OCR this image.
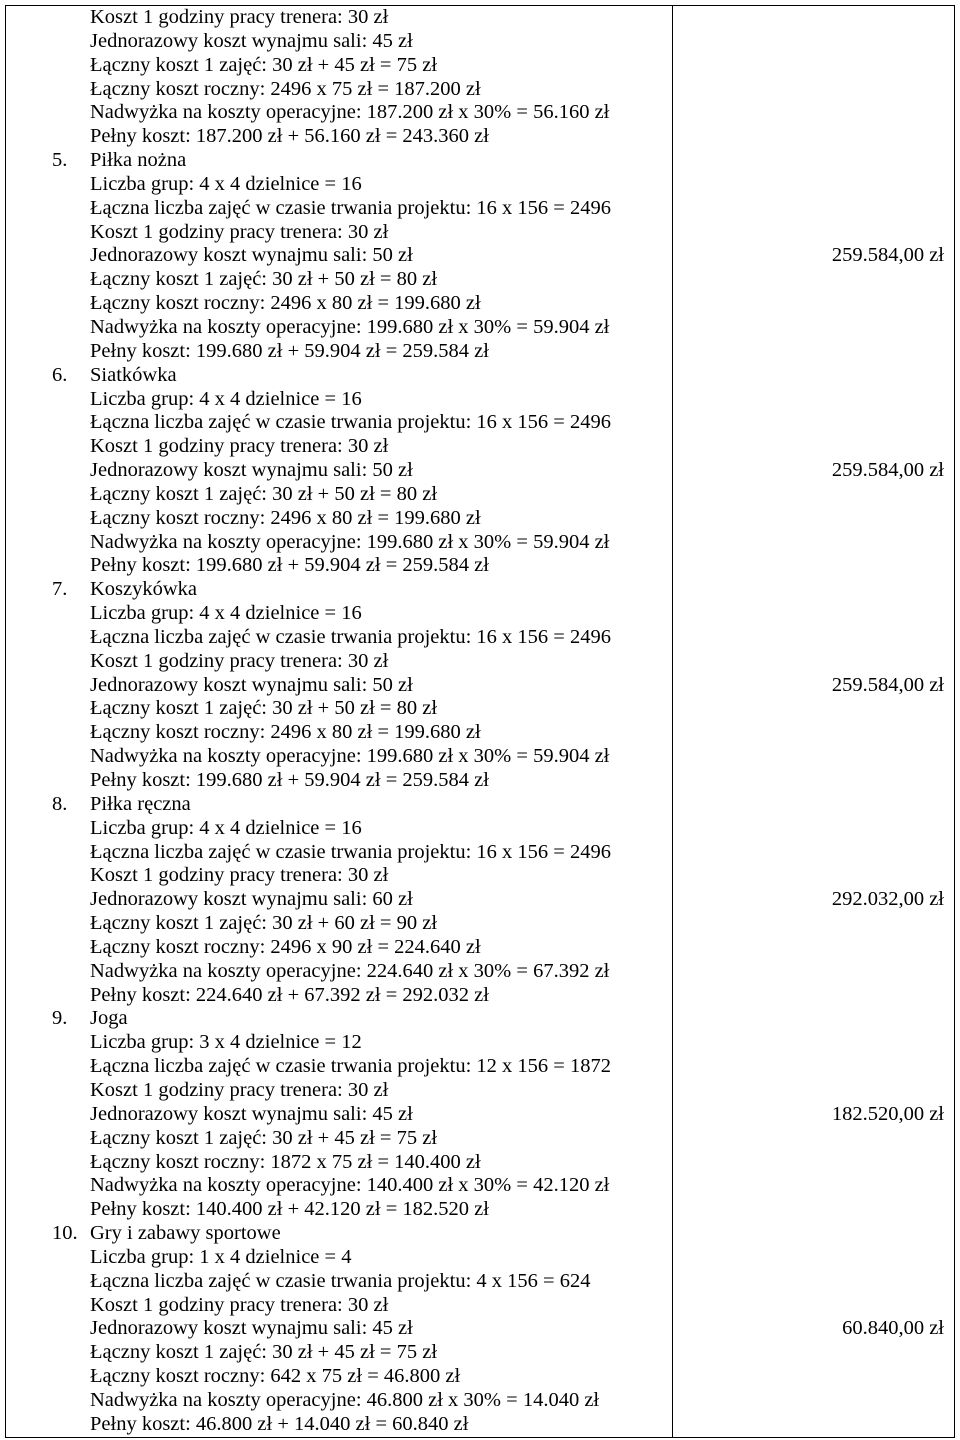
Koszt 1 godziny pracy trenera: 30 zł
Jednorazowy koszt wynajmu sali: 45 zł
Łączny koszt 1 zajęć: 30 zł + 45 zł = 75 zł
Łączny koszt roczny: 2496 x 75 zł = 187.200 zł
Nadwyżka na koszty operacyjne: 187.200 zł x 30% = 56.160 zł
Pełny koszt: 187.200 zł + 56.160 zł = 243.360 zł
5. Piłka nożna
Liczba grup: 4 x 4 dzielnice = 16
Łączna liczba zajęć w czasie trwania projektu: 16 x 156 = 2496
Koszt 1 godziny pracy trenera: 30 zł
Jednorazowy koszt wynajmu sali: 50 zł
Łączny koszt 1 zajęć: 30 zł + 50 zł = 80 zł
Łączny koszt roczny: 2496 x 80 zł = 199.680 zł
Nadwyżka na koszty operacyjne: 199.680 zł x 30% = 59.904 zł
Pełny koszt: 199.680 zł + 59.904 zł = 259.584 zł
259.584,00 zł
6. Siatkówka
Liczba grup: 4 x 4 dzielnice = 16
Łączna liczba zajęć w czasie trwania projektu: 16 x 156 = 2496
Koszt 1 godziny pracy trenera: 30 zł
Jednorazowy koszt wynajmu sali: 50 zł
Łączny koszt 1 zajęć: 30 zł + 50 zł = 80 zł
Łączny koszt roczny: 2496 x 80 zł = 199.680 zł
Nadwyżka na koszty operacyjne: 199.680 zł x 30% = 59.904 zł
Pełny koszt: 199.680 zł + 59.904 zł = 259.584 zł
259.584,00 zł
7. Koszykówka
Liczba grup: 4 x 4 dzielnice = 16
Łączna liczba zajęć w czasie trwania projektu: 16 x 156 = 2496
Koszt 1 godziny pracy trenera: 30 zł
Jednorazowy koszt wynajmu sali: 50 zł
Łączny koszt 1 zajęć: 30 zł + 50 zł = 80 zł
Łączny koszt roczny: 2496 x 80 zł = 199.680 zł
Nadwyżka na koszty operacyjne: 199.680 zł x 30% = 59.904 zł
Pełny koszt: 199.680 zł + 59.904 zł = 259.584 zł
259.584,00 zł
8. Piłka ręczna
Liczba grup: 4 x 4 dzielnice = 16
Łączna liczba zajęć w czasie trwania projektu: 16 x 156 = 2496
Koszt 1 godziny pracy trenera: 30 zł
Jednorazowy koszt wynajmu sali: 60 zł
Łączny koszt 1 zajęć: 30 zł + 60 zł = 90 zł
Łączny koszt roczny: 2496 x 90 zł = 224.640 zł
Nadwyżka na koszty operacyjne: 224.640 zł x 30% = 67.392 zł
Pełny koszt: 224.640 zł + 67.392 zł = 292.032 zł
292.032,00 zł
9. Joga
Liczba grup: 3 x 4 dzielnice = 12
Łączna liczba zajęć w czasie trwania projektu: 12 x 156 = 1872
Koszt 1 godziny pracy trenera: 30 zł
Jednorazowy koszt wynajmu sali: 45 zł
Łączny koszt 1 zajęć: 30 zł + 45 zł = 75 zł
Łączny koszt roczny: 1872 x 75 zł = 140.400 zł
Nadwyżka na koszty operacyjne: 140.400 zł x 30% = 42.120 zł
Pełny koszt: 140.400 zł + 42.120 zł = 182.520 zł
182.520,00 zł
10. Gry i zabawy sportowe
Liczba grup: 1 x 4 dzielnice = 4
Łączna liczba zajęć w czasie trwania projektu: 4 x 156 = 624
Koszt 1 godziny pracy trenera: 30 zł
Jednorazowy koszt wynajmu sali: 45 zł
Łączny koszt 1 zajęć: 30 zł + 45 zł = 75 zł
Łączny koszt roczny: 642 x 75 zł = 46.800 zł
Nadwyżka na koszty operacyjne: 46.800 zł x 30% = 14.040 zł
Pełny koszt: 46.800 zł + 14.040 zł = 60.840 zł
60.840,00 zł
